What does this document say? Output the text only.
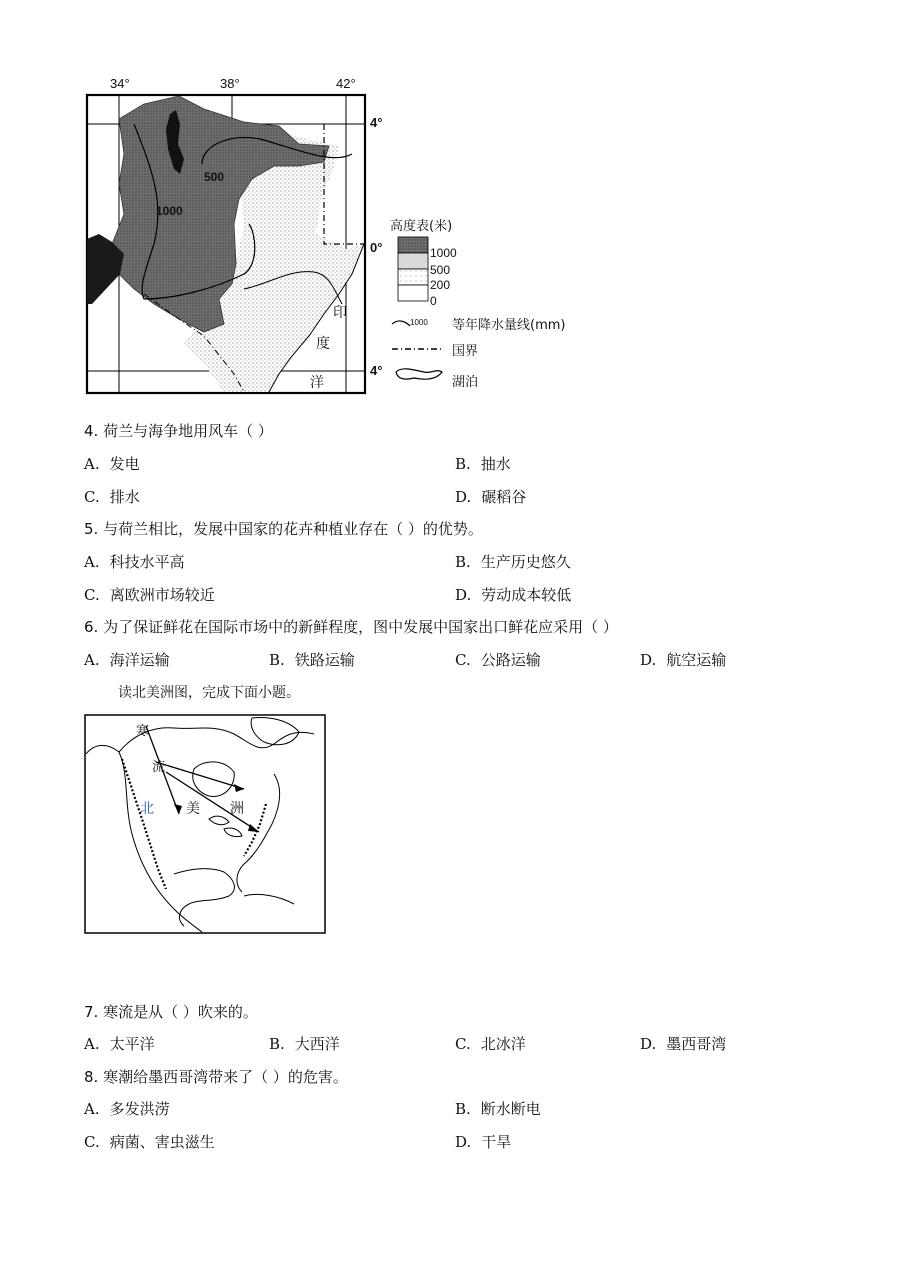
34°	38°	42°
4°
0°
4°
500
1000
印
度
洋
高度表(米)
1000
500
200
0
1000 等年降水量线(mm)
国界
湖泊
4. 荷兰与海争地用风车（ ）
A. 发电	B. 抽水
C. 排水	D. 碾稻谷
5. 与荷兰相比，发展中国家的花卉种植业存在（ ）的优势。
A. 科技水平高	B. 生产历史悠久
C. 离欧洲市场较近	D. 劳动成本较低
6. 为了保证鲜花在国际市场中的新鲜程度，图中发展中国家出口鲜花应采用（ ）
A. 海洋运输	B. 铁路运输	C. 公路运输	D. 航空运输
读北美洲图，完成下面小题。
寒
流
北 美 洲
7. 寒流是从（ ）吹来的。
A. 太平洋	B. 大西洋	C. 北冰洋	D. 墨西哥湾
8. 寒潮给墨西哥湾带来了（ ）的危害。
A. 多发洪涝	B. 断水断电
C. 病菌、害虫滋生	D. 干旱
